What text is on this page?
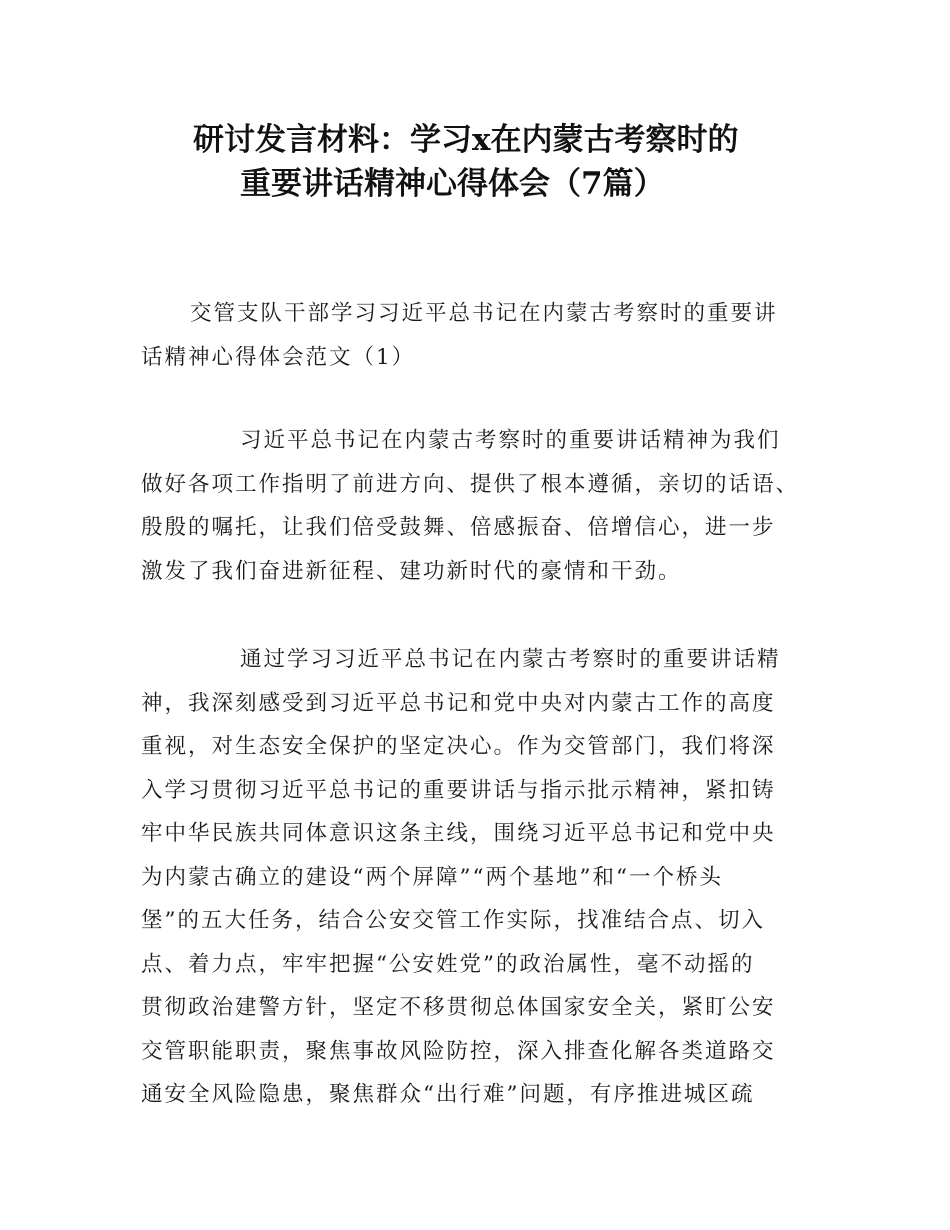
研讨发言材料：学习x在内蒙古考察时的
重要讲话精神心得体会（7篇）
交管支队干部学习习近平总书记在内蒙古考察时的重要讲
话精神心得体会范文（1）
习近平总书记在内蒙古考察时的重要讲话精神为我们
做好各项工作指明了前进方向、提供了根本遵循，亲切的话语、
殷殷的嘱托，让我们倍受鼓舞、倍感振奋、倍增信心，进一步
激发了我们奋进新征程、建功新时代的豪情和干劲。
通过学习习近平总书记在内蒙古考察时的重要讲话精
神，我深刻感受到习近平总书记和党中央对内蒙古工作的高度
重视，对生态安全保护的坚定决心。作为交管部门，我们将深
入学习贯彻习近平总书记的重要讲话与指示批示精神，紧扣铸
牢中华民族共同体意识这条主线，围绕习近平总书记和党中央
为内蒙古确立的建设“两个屏障”“两个基地”和“一个桥头
堡”的五大任务，结合公安交管工作实际，找准结合点、切入
点、着力点，牢牢把握“公安姓党”的政治属性，毫不动摇的
贯彻政治建警方针，坚定不移贯彻总体国家安全关，紧盯公安
交管职能职责，聚焦事故风险防控，深入排查化解各类道路交
通安全风险隐患，聚焦群众“出行难”问题，有序推进城区疏
